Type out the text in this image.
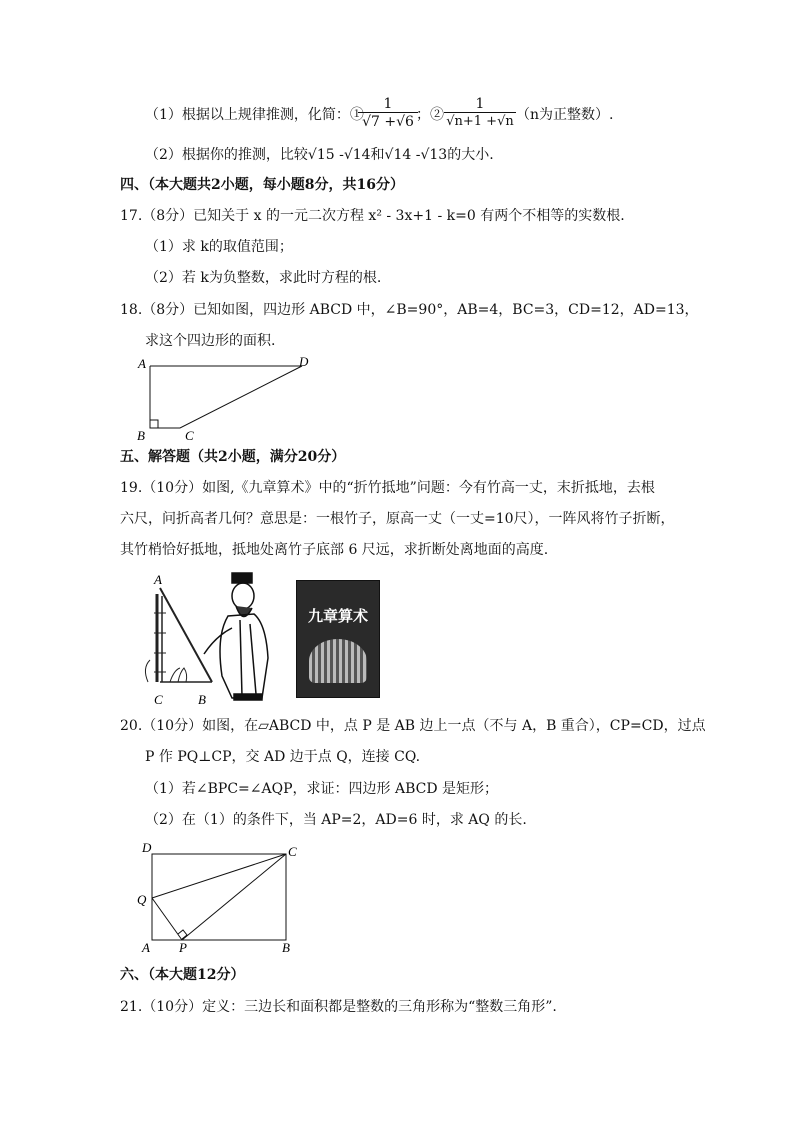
（1）根据以上规律推测，化简：①
$\frac{1}{√7 +√6}$
；② $\frac{1}{√n+1 +√n} (n$为正整数）.
（2）根据你的推测，比较√15 -√14和√14 -√13的大小.
四、（本大题共2小题，每小题8分，共16分）
17.（8分）已知关于 x 的一元二次方程 x² - 3x+1 - k=0 有两个不相等的实数根.
（1）求 k的取值范围；
（2）若 k为负整数，求此时方程的根.
18.（8分）已知如图，四边形 ABCD 中，∠B=90°，AB=4，BC=3，CD=12，AD=13，
求这个四边形的面积.
A	D
B	C
五、解答题（共2小题，满分20分）
19.（10分）如图,《九章算术》中的“折竹抵地”问题：今有竹高一丈，末折抵地，去根
六尺，问折高者几何？意思是：一根竹子，原高一丈（一丈=10尺），一阵风将竹子折断，
其竹梢恰好抵地，抵地处离竹子底部 6 尺远，求折断处离地面的高度.
A
C	B
九章算术
20.（10分）如图，在▱ABCD 中，点 P 是 AB 边上一点（不与 A，B 重合），CP=CD，过点
P 作 PQ⊥CP，交 AD 边于点 Q，连接 CQ.
（1）若∠BPC=∠AQP，求证：四边形 ABCD 是矩形；
（2）在（1）的条件下，当 AP=2，AD=6 时，求 AQ 的长.
D	C
Q
A P	B
六、（本大题12分）
21.（10分）定义：三边长和面积都是整数的三角形称为“整数三角形”.
